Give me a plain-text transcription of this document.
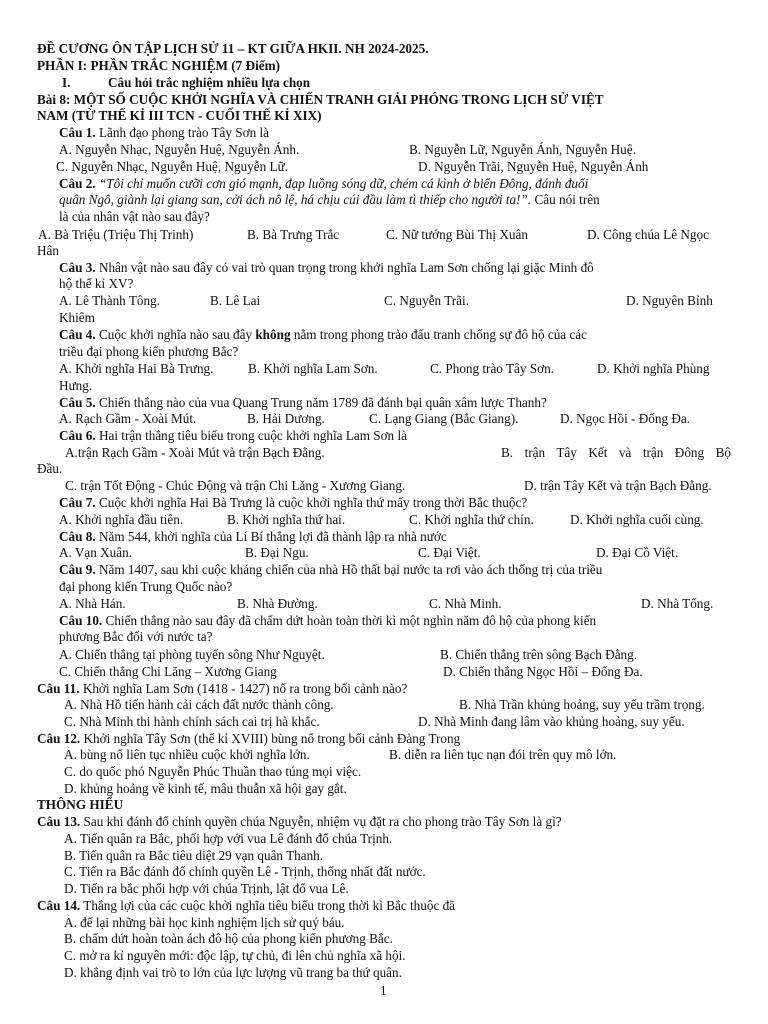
ĐỀ CƯƠNG ÔN TẬP LỊCH SỬ 11 – KT GIỮA HKII. NH 2024-2025.
PHẦN I: PHẦN TRẮC NGHIỆM (7 Điểm)
I.	Câu hỏi trắc nghiệm nhiều lựa chọn
Bài 8: MỘT SỐ CUỘC KHỞI NGHĨA VÀ CHIẾN TRANH GIẢI PHÓNG TRONG LỊCH SỬ VIỆT
NAM (TỪ THẾ KỈ III TCN - CUỐI THẾ KỈ XIX)
Câu 1. Lãnh đạo phong trào Tây Sơn là
A. Nguyễn Nhạc, Nguyễn Huệ, Nguyễn Ánh.	B. Nguyễn Lữ, Nguyễn Ánh, Nguyễn Huệ.
C. Nguyễn Nhạc, Nguyễn Huệ, Nguyễn Lữ.	D. Nguyễn Trãi, Nguyễn Huệ, Nguyễn Ánh
Câu 2. “Tôi chỉ muốn cưỡi cơn gió mạnh, đạp luồng sóng dữ, chém cá kình ở biển Đông, đánh đuổi
quân Ngô, giành lại giang san, cởi ách nô lệ, há chịu cúi đầu làm tì thiếp cho người ta!”. Câu nói trên
là của nhân vật nào sau đây?
A. Bà Triệu (Triệu Thị Trinh)	B. Bà Trưng Trắc	C. Nữ tướng Bùi Thị Xuân	D. Công chúa Lê Ngọc
Hân
Câu 3. Nhân vật nào sau đây có vai trò quan trọng trong khởi nghĩa Lam Sơn chống lại giặc Minh đô
hộ thế kỉ XV?
A. Lê Thành Tông.	B. Lê Lai	C. Nguyễn Trãi.	D. Nguyên Bỉnh
Khiêm
Câu 4. Cuộc khởi nghĩa nào sau đây không nằm trong phong trào đấu tranh chống sự đô hộ của các
triều đại phong kiến phương Bắc?
A. Khởi nghĩa Hai Bà Trưng.	B. Khởi nghĩa Lam Sơn.	C. Phong trào Tây Sơn.	D. Khởi nghĩa Phùng
Hưng.
Câu 5. Chiến thắng nào của vua Quang Trung năm 1789 đã đánh bại quân xâm lược Thanh?
A. Rạch Gầm - Xoài Mút.	B. Hải Dương.	C. Lạng Giang (Bắc Giang).	D. Ngọc Hồi - Đống Đa.
Câu 6. Hai trận thắng tiêu biểu trong cuộc khởi nghĩa Lam Sơn là
A.trận Rạch Gầm - Xoài Mút và trận Bạch Đằng.	B. trận Tây Kết và trận Đông Bộ
Đầu.
C. trận Tốt Động - Chúc Động và trận Chi Lăng - Xương Giang.	D. trận Tây Kết và trận Bạch Đằng.
Câu 7. Cuộc khởi nghĩa Hai Bà Trưng là cuộc khởi nghĩa thứ mấy trong thời Bắc thuộc?
A. Khởi nghĩa đầu tiên.	B. Khởi nghĩa thứ hai.	C. Khởi nghĩa thứ chín.	D. Khởi nghĩa cuối cùng.
Câu 8. Năm 544, khởi nghĩa của Lí Bí thắng lợi đã thành lập ra nhà nước
A. Vạn Xuân.	B. Đại Ngu.	C. Đại Việt.	D. Đại Cồ Việt.
Câu 9. Năm 1407, sau khi cuộc kháng chiến của nhà Hồ thất bại nước ta rơi vào ách thống trị của triều
đại phong kiến Trung Quốc nào?
A. Nhà Hán.	B. Nhà Đường.	C. Nhà Minh.	D. Nhà Tống.
Câu 10. Chiến thắng nào sau đây đã chấm dứt hoàn toàn thời kì một nghìn năm đô hộ của phong kiến
phương Bắc đối với nước ta?
A. Chiến thắng tại phòng tuyến sông Như Nguyệt.	B. Chiến thắng trên sông Bạch Đằng.
C. Chiến thắng Chi Lăng – Xương Giang	D. Chiến thắng Ngọc Hồi – Đống Đa.
Câu 11. Khởi nghĩa Lam Sơn (1418 - 1427) nổ ra trong bối cảnh nào?
A. Nhà Hồ tiến hành cải cách đất nước thành công.	B. Nhà Trần khủng hoảng, suy yếu trầm trọng.
C. Nhà Minh thi hành chính sách cai trị hà khắc.	D. Nhà Minh đang lâm vào khủng hoảng, suy yếu.
Câu 12. Khởi nghĩa Tây Sơn (thế kỉ XVIII) bùng nổ trong bối cảnh Đàng Trong
A. bùng nổ liên tục nhiều cuộc khởi nghĩa lớn.	B. diễn ra liên tục nạn đói trên quy mô lớn.
C. do quốc phó Nguyễn Phúc Thuần thao túng mọi việc.
D. khủng hoảng về kinh tế, mâu thuẫn xã hội gay gắt.
THÔNG HIỂU
Câu 13. Sau khi đánh đổ chính quyền chúa Nguyễn, nhiệm vụ đặt ra cho phong trào Tây Sơn là gì?
A. Tiến quân ra Bắc, phối hợp với vua Lê đánh đổ chúa Trịnh.
B. Tiến quân ra Bắc tiêu diệt 29 vạn quân Thanh.
C. Tiến ra Bắc đánh đổ chính quyền Lê - Trịnh, thống nhất đất nước.
D. Tiến ra bắc phối hợp với chúa Trịnh, lật đổ vua Lê.
Câu 14. Thắng lợi của các cuộc khởi nghĩa tiêu biểu trong thời kì Bắc thuộc đã
A. để lại những bài học kinh nghiệm lịch sử quý báu.
B. chấm dứt hoàn toàn ách đô hộ của phong kiến phương Bắc.
C. mở ra kỉ nguyên mới: độc lập, tự chủ, đi lên chủ nghĩa xã hội.
D. khẳng định vai trò to lớn của lực lượng vũ trang ba thứ quân.
1
